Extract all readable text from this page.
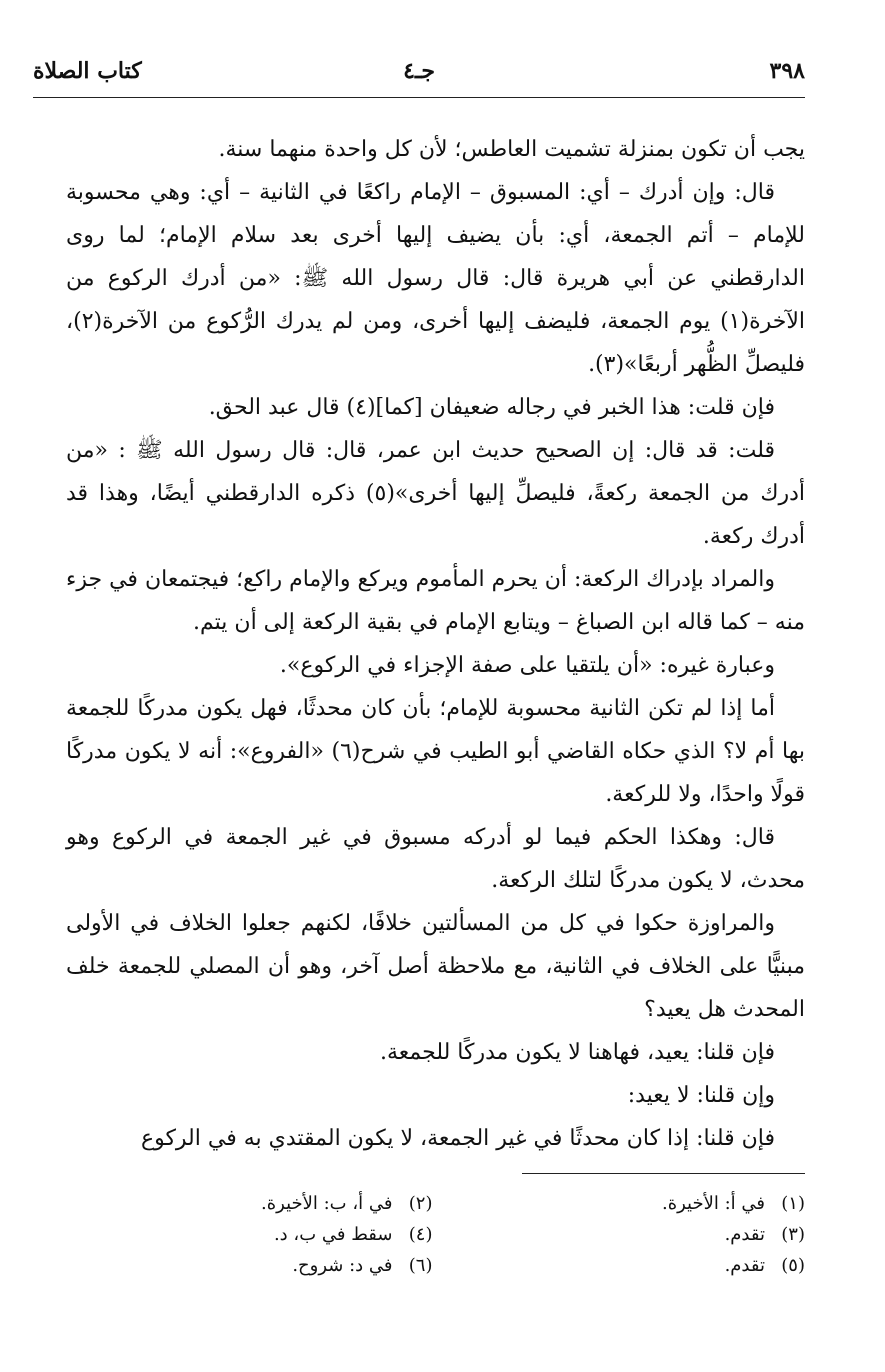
٣٩٨
جـ٤
كتاب الصلاة

يجب أن تكون بمنزلة تشميت العاطس؛ لأن كل واحدة منهما سنة.

قال: وإن أدرك – أي: المسبوق – الإمام راكعًا في الثانية – أي: وهي محسوبة للإمام – أتم الجمعة، أي: بأن يضيف إليها أخرى بعد سلام الإمام؛ لما روى الدارقطني عن أبي هريرة قال: قال رسول الله ﷺ: «من أدرك الركوع من الآخرة(١) يوم الجمعة، فليضف إليها أخرى، ومن لم يدرك الرُّكوع من الآخرة(٢)، فليصلِّ الظُّهر أربعًا»(٣).

فإن قلت: هذا الخبر في رجاله ضعيفان [كما](٤) قال عبد الحق.

قلت: قد قال: إن الصحيح حديث ابن عمر، قال: قال رسول الله ﷺ : «من أدرك من الجمعة ركعةً، فليصلِّ إليها أخرى»(٥) ذكره الدارقطني أيضًا، وهذا قد أدرك ركعة.

والمراد بإدراك الركعة: أن يحرم المأموم ويركع والإمام راكع؛ فيجتمعان في جزء منه – كما قاله ابن الصباغ – ويتابع الإمام في بقية الركعة إلى أن يتم.

وعبارة غيره: «أن يلتقيا على صفة الإجزاء في الركوع».

أما إذا لم تكن الثانية محسوبة للإمام؛ بأن كان محدثًا، فهل يكون مدركًا للجمعة بها أم لا؟ الذي حكاه القاضي أبو الطيب في شرح(٦) «الفروع»: أنه لا يكون مدركًا قولًا واحدًا، ولا للركعة.

قال: وهكذا الحكم فيما لو أدركه مسبوق في غير الجمعة في الركوع وهو محدث، لا يكون مدركًا لتلك الركعة.

والمراوزة حكوا في كل من المسألتين خلافًا، لكنهم جعلوا الخلاف في الأولى مبنيًّا على الخلاف في الثانية، مع ملاحظة أصل آخر، وهو أن المصلي للجمعة خلف المحدث هل يعيد؟

فإن قلنا: يعيد، فهاهنا لا يكون مدركًا للجمعة.

وإن قلنا: لا يعيد:

فإن قلنا: إذا كان محدثًا في غير الجمعة، لا يكون المقتدي به في الركوع

(١)في أ: الأخيرة.
(٢)في أ، ب: الأخيرة.
(٣)تقدم.
(٤)سقط في ب، د.
(٥)تقدم.
(٦)في د: شروح.
